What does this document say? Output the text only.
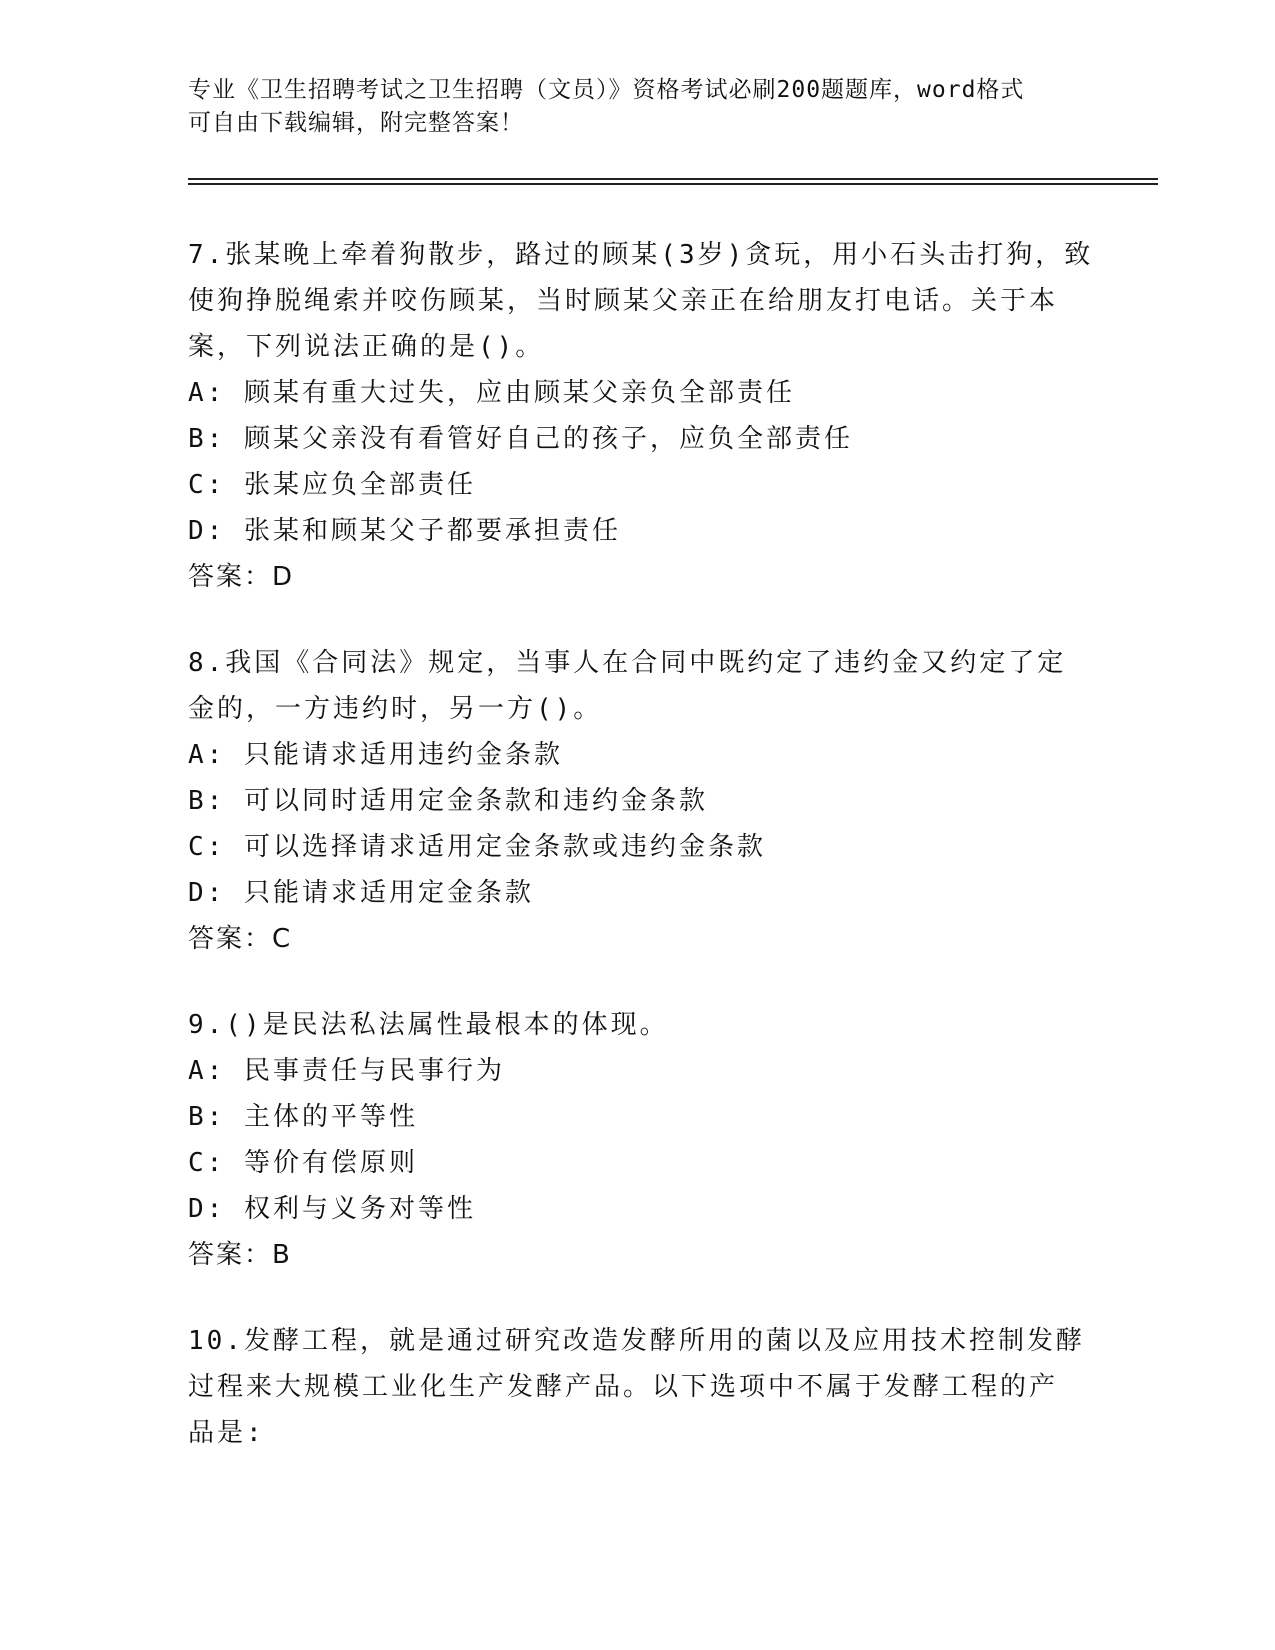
专业《卫生招聘考试之卫生招聘（文员）》资格考试必刷200题题库，word格式
可自由下载编辑，附完整答案！
7.张某晚上牵着狗散步，路过的顾某(3岁)贪玩，用小石头击打狗，致
使狗挣脱绳索并咬伤顾某，当时顾某父亲正在给朋友打电话。关于本
案，下列说法正确的是()。
A: 顾某有重大过失，应由顾某父亲负全部责任
B: 顾某父亲没有看管好自己的孩子，应负全部责任
C: 张某应负全部责任
D: 张某和顾某父子都要承担责任
答案：D
8.我国《合同法》规定，当事人在合同中既约定了违约金又约定了定
金的，一方违约时，另一方()。
A: 只能请求适用违约金条款
B: 可以同时适用定金条款和违约金条款
C: 可以选择请求适用定金条款或违约金条款
D: 只能请求适用定金条款
答案：C
9.()是民法私法属性最根本的体现。
A: 民事责任与民事行为
B: 主体的平等性
C: 等价有偿原则
D: 权利与义务对等性
答案：B
10.发酵工程，就是通过研究改造发酵所用的菌以及应用技术控制发酵
过程来大规模工业化生产发酵产品。以下选项中不属于发酵工程的产
品是:
